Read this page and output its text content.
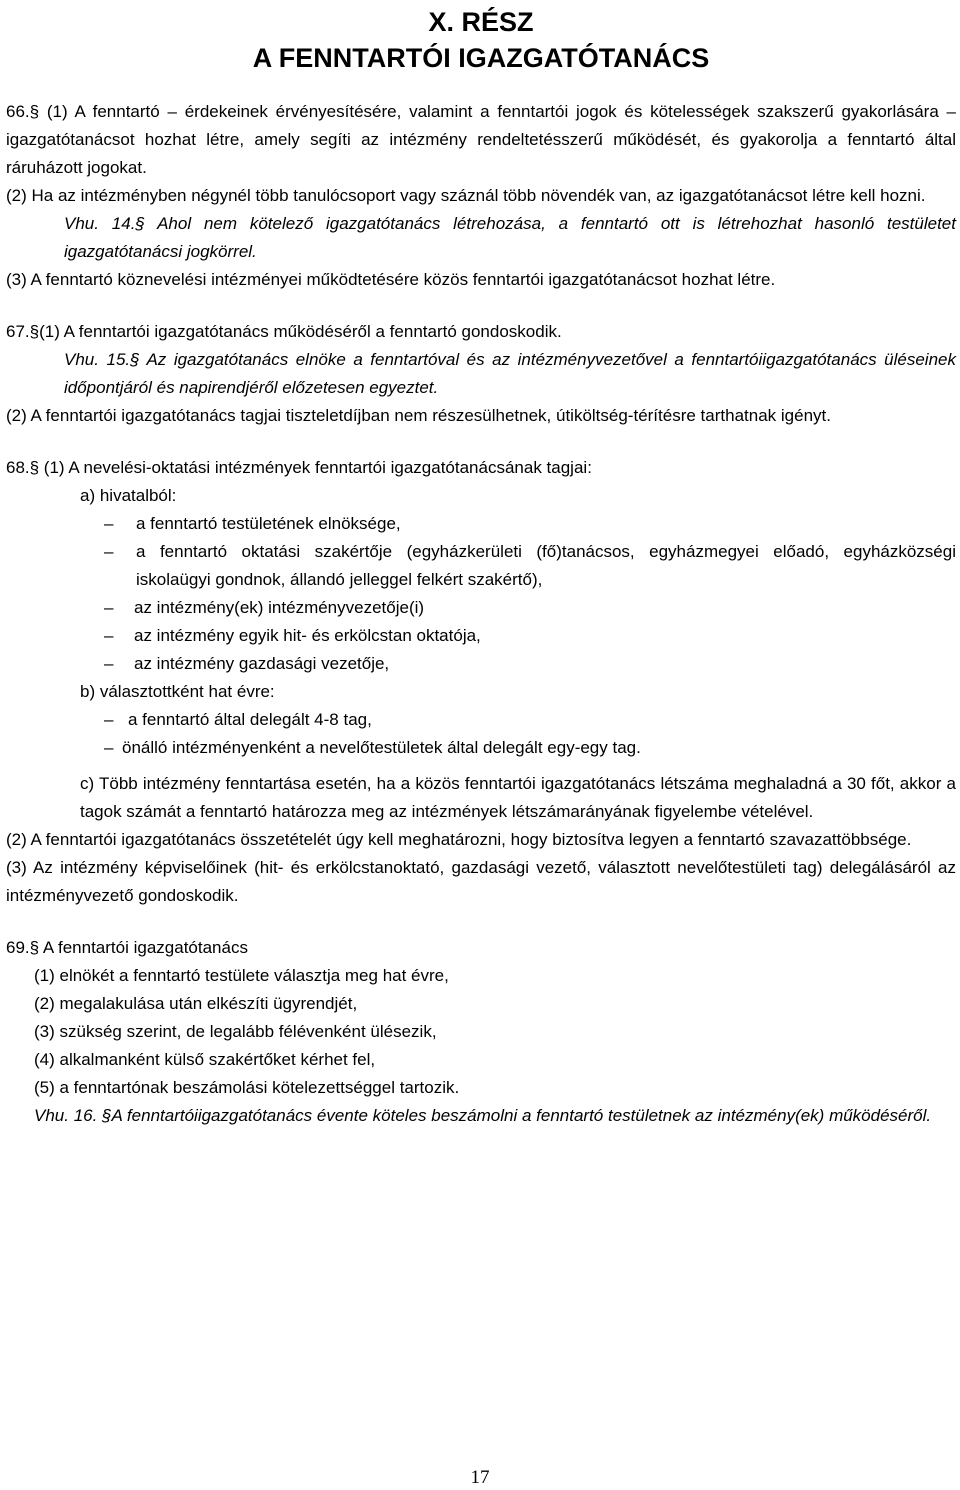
X. RÉSZ
A FENNTARTÓI IGAZGATÓTANÁCS

66.§ (1) A fenntartó – érdekeinek érvényesítésére, valamint a fenntartói jogok és kötelességek szakszerű gyakorlására – igazgatótanácsot hozhat létre, amely segíti az intézmény rendeltetésszerű működését, és gyakorolja a fenntartó által ráruházott jogokat.

(2) Ha az intézményben négynél több tanulócsoport vagy száznál több növendék van, az igazgatótanácsot létre kell hozni.

Vhu. 14.§ Ahol nem kötelező igazgatótanács létrehozása, a fenntartó ott is létrehozhat hasonló testületet igazgatótanácsi jogkörrel.

(3) A fenntartó köznevelési intézményei működtetésére közös fenntartói igazgatótanácsot hozhat létre.

67.§(1) A fenntartói igazgatótanács működéséről a fenntartó gondoskodik.

Vhu. 15.§ Az igazgatótanács elnöke a fenntartóval és az intézményvezetővel a fenntartóiigazgatótanács üléseinek időpontjáról és napirendjéről előzetesen egyeztet.

(2) A fenntartói igazgatótanács tagjai tiszteletdíjban nem részesülhetnek, útiköltség-térítésre tarthatnak igényt.

68.§ (1) A nevelési-oktatási intézmények fenntartói igazgatótanácsának tagjai:

a) hivatalból:

– a fenntartó testületének elnöksége,
– a fenntartó oktatási szakértője (egyházkerületi (fő)tanácsos, egyházmegyei előadó, egyházközségi iskolaügyi gondnok, állandó jelleggel felkért szakértő),
– az intézmény(ek) intézményvezetője(i)
– az intézmény egyik hit- és erkölcstan oktatója,
– az intézmény gazdasági vezetője,

b) választottként hat évre:

– a fenntartó által delegált 4-8 tag,
– önálló intézményenként a nevelőtestületek által delegált egy-egy tag.

c) Több intézmény fenntartása esetén, ha a közös fenntartói igazgatótanács létszáma meghaladná a 30 főt, akkor a tagok számát a fenntartó határozza meg az intézmények létszámarányának figyelembe vételével.

(2) A fenntartói igazgatótanács összetételét úgy kell meghatározni, hogy biztosítva legyen a fenntartó szavazattöbbsége.

(3) Az intézmény képviselőinek (hit- és erkölcstanoktató, gazdasági vezető, választott nevelőtestületi tag) delegálásáról az intézményvezető gondoskodik.

69.§ A fenntartói igazgatótanács

(1) elnökét a fenntartó testülete választja meg hat évre,

(2) megalakulása után elkészíti ügyrendjét,

(3) szükség szerint, de legalább félévenként ülésezik,

(4) alkalmanként külső szakértőket kérhet fel,

(5) a fenntartónak beszámolási kötelezettséggel tartozik.

Vhu. 16. §A fenntartóiigazgatótanács évente köteles beszámolni a fenntartó testületnek az intézmény(ek) működéséről.

17
